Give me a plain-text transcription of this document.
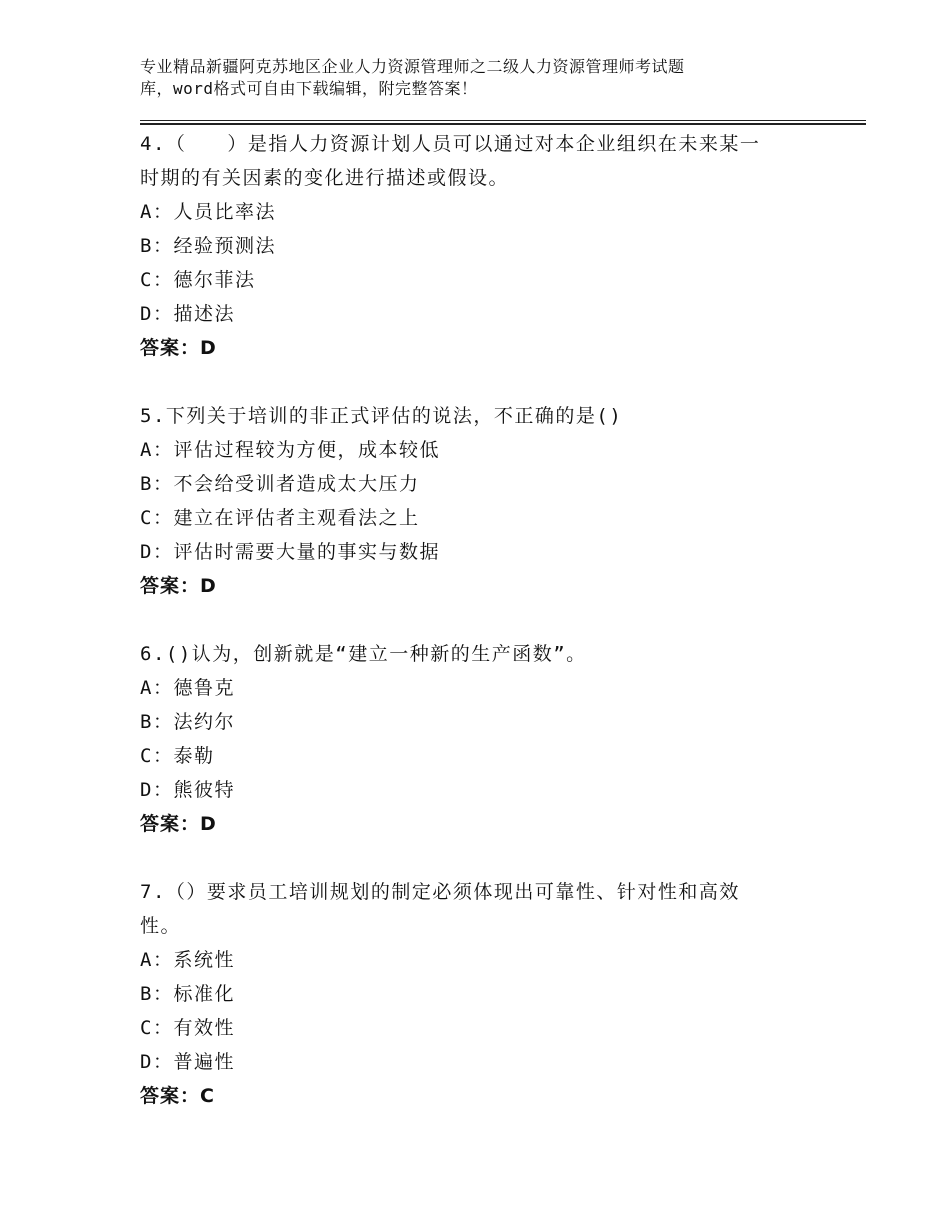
专业精品新疆阿克苏地区企业人力资源管理师之二级人力资源管理师考试题
库，word格式可自由下载编辑，附完整答案！
4.（　　）是指人力资源计划人员可以通过对本企业组织在未来某一
时期的有关因素的变化进行描述或假设。
A：人员比率法
B：经验预测法
C：德尔菲法
D：描述法
答案：D
5.下列关于培训的非正式评估的说法，不正确的是()
A：评估过程较为方便，成本较低
B：不会给受训者造成太大压力
C：建立在评估者主观看法之上
D：评估时需要大量的事实与数据
答案：D
6.()认为，创新就是“建立一种新的生产函数”。
A：德鲁克
B：法约尔
C：泰勒
D：熊彼特
答案：D
7.（）要求员工培训规划的制定必须体现出可靠性、针对性和高效
性。
A：系统性
B：标准化
C：有效性
D：普遍性
答案：C
